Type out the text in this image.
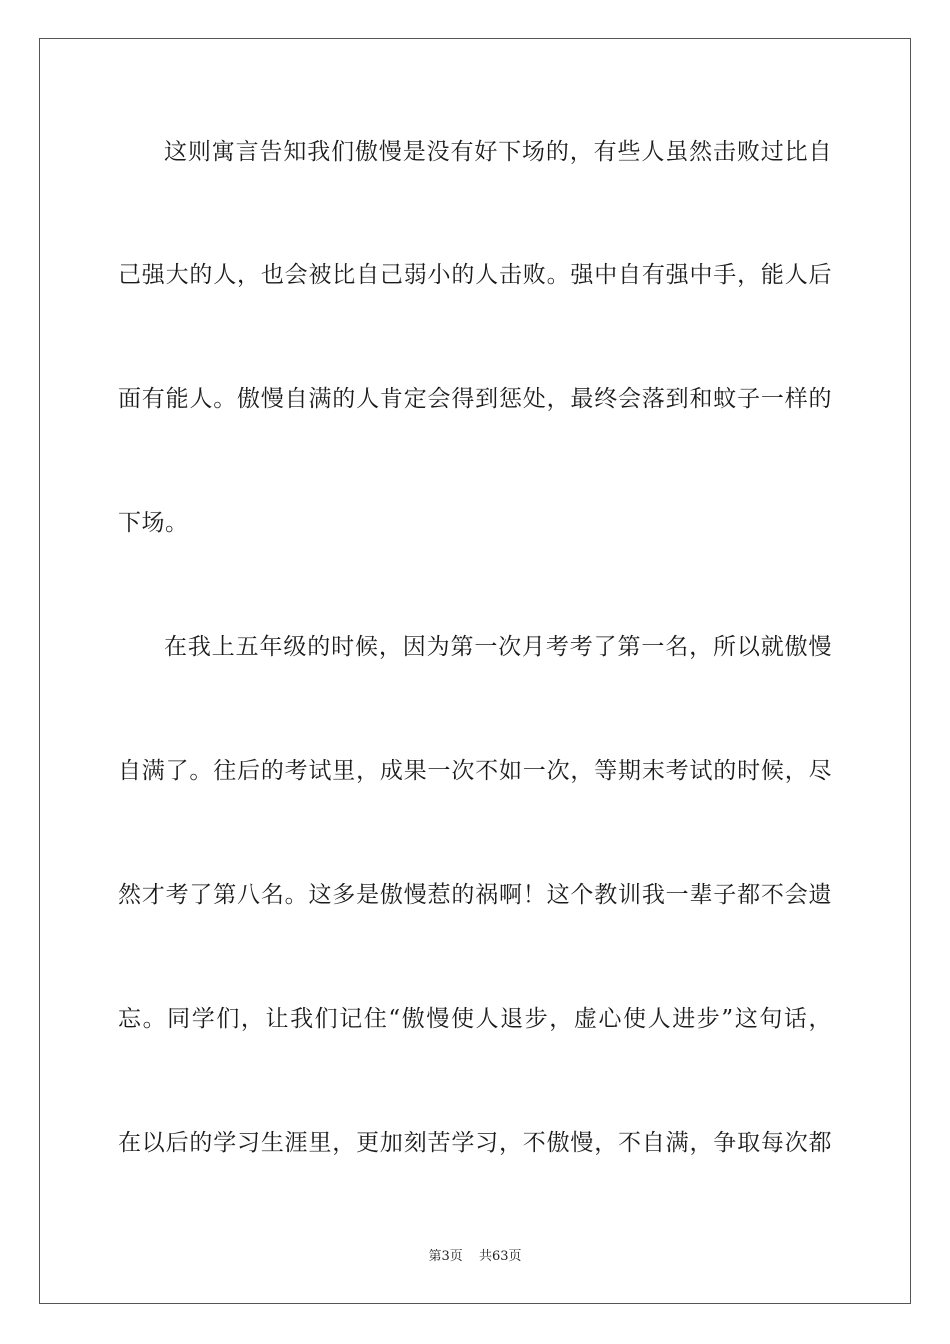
这则寓言告知我们傲慢是没有好下场的，有些人虽然击败过比自
己强大的人，也会被比自己弱小的人击败。强中自有强中手，能人后
面有能人。傲慢自满的人肯定会得到惩处，最终会落到和蚊子一样的
下场。
在我上五年级的时候，因为第一次月考考了第一名，所以就傲慢
自满了。往后的考试里，成果一次不如一次，等期末考试的时候，尽
然才考了第八名。这多是傲慢惹的祸啊！这个教训我一辈子都不会遗
忘。同学们，让我们记住“傲慢使人退步，虚心使人进步”这句话，
在以后的学习生涯里，更加刻苦学习，不傲慢，不自满，争取每次都
第3页 共63页
